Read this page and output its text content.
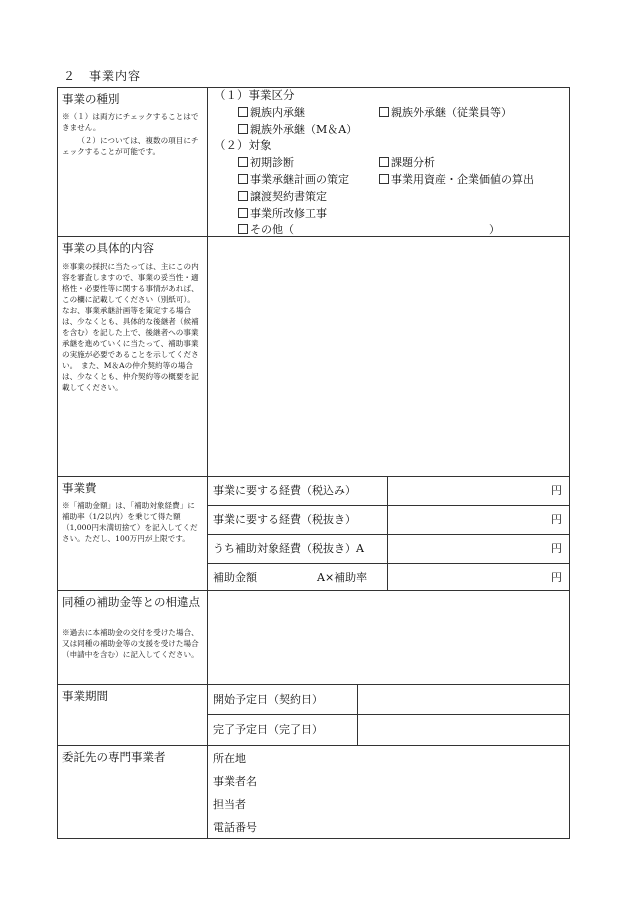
２　事業内容
事業の種別
※（１）は両方にチェックすることはできません。
（２）については、複数の項目にチェックすることが可能です。
（１）事業区分
親族内承継	親族外承継（従業員等）
親族外承継（M＆A）
（２）対象
初期診断	課題分析
事業承継計画の策定	事業用資産・企業価値の算出
譲渡契約書策定
事業所改修工事
その他（	）
事業の具体的内容
※事業の採択に当たっては、主にこの内容を審査しますので、事業の妥当性・適格性・必要性等に関する事情があれば、この欄に記載してください（別紙可）。　なお、事業承継計画等を策定する場合は、少なくとも、具体的な後継者（候補を含む）を記した上で、後継者への事業承継を進めていくに当たって、補助事業の実施が必要であることを示してください。　また、M＆Aの仲介契約等の場合は、少なくとも、仲介契約等の概要を記載してください。
事業費
※「補助金額」は、「補助対象経費」に補助率（1/2以内）を乗じて得た額（1,000円未満切捨て）を記入してください。ただし、100万円が上限です。
事業に要する経費（税込み）	円
事業に要する経費（税抜き）	円
うち補助対象経費（税抜き）A	円
補助金額	A×補助率	円
同種の補助金等との相違点
※過去に本補助金の交付を受けた場合、又は同種の補助金等の支援を受けた場合（申請中を含む）に記入してください。
事業期間	開始予定日（契約日）
完了予定日（完了日）
委託先の専門事業者	所在地
事業者名
担当者
電話番号
